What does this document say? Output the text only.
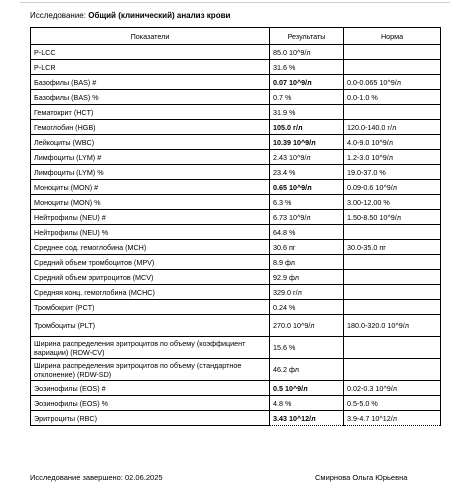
Исследование: Общий (клинический) анализ крови
Показатели	Результаты	Норма
P-LCC	85.0 10^9/л	
P-LCR	31.6 %	
Базофилы (BAS) #	0.07 10^9/л	0.0-0.065 10^9/л
Базофилы (BAS) %	0.7 %	0.0-1.0 %
Гематокрит (HCT)	31.9 %	
Гемоглобин (HGB)	105.0 г/л	120.0-140.0 г/л
Лейкоциты (WBC)	10.39 10^9/л	4.0-9.0 10^9/л
Лимфоциты (LYM) #	2.43 10^9/л	1.2-3.0 10^9/л
Лимфоциты (LYM) %	23.4 %	19.0-37.0 %
Моноциты (MON) #	0.65 10^9/л	0.09-0.6 10^9/л
Моноциты (MON) %	6.3 %	3.00-12.00 %
Нейтрофилы (NEU) #	6.73 10^9/л	1.50-8.50 10^9/л
Нейтрофилы (NEU) %	64.8 %	
Среднее сод. гемоглобина (MCH)	30.6 пг	30.0-35.0 пг
Средний объем тромбоцитов (MPV)	8.9 фл	
Средний объем эритроцитов (MCV)	92.9 фл	
Средняя конц. гемоглобина (MCHC)	329.0 г/л	
Тромбокрит (PCT)	0.24 %	
Тромбоциты (PLT)	270.0 10^9/л	180.0-320.0 10^9/л
Ширина распределения эритроцитов по объему (коэффициент вариации) (RDW-CV)	15.6 %	
Ширина распределения эритроцитов по объему (стандартное отклонение) (RDW-SD)	46.2 фл	
Эозинофилы (EOS) #	0.5 10^9/л	0.02-0.3 10^9/л
Эозинофилы (EOS) %	4.8 %	0.5-5.0 %
Эритроциты (RBC)	3.43 10^12/л	3.9-4.7 10^12/л
Исследование завершено: 02.06.2025	Смирнова Ольга Юрьевна
